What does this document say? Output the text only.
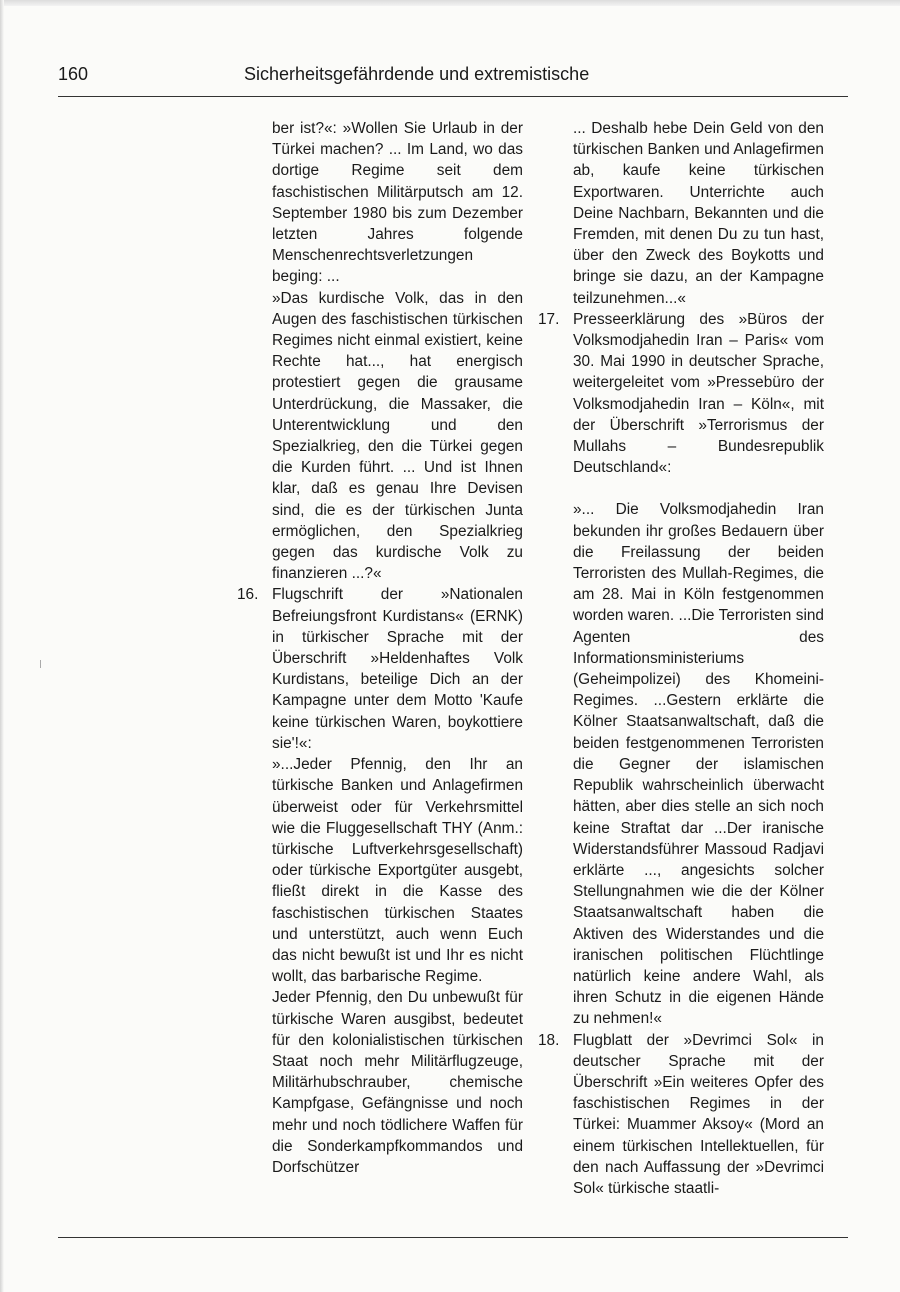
160	Sicherheitsgefährdende und extremistische

ber ist?«: »Wollen Sie Urlaub in der Türkei machen? ... Im Land, wo das dortige Regime seit dem faschistischen Militärputsch am 12. September 1980 bis zum Dezember letzten Jahres folgende Menschenrechtsverletzungen beging: ...

»Das kurdische Volk, das in den Augen des faschistischen türkischen Regimes nicht einmal existiert, keine Rechte hat..., hat energisch protestiert gegen die grausame Unterdrückung, die Massaker, die Unterentwicklung und den Spezialkrieg, den die Türkei gegen die Kurden führt. ... Und ist Ihnen klar, daß es genau Ihre Devisen sind, die es der türkischen Junta ermöglichen, den Spezialkrieg gegen das kurdische Volk zu finanzieren ...?«

16. Flugschrift der »Nationalen Befreiungsfront Kurdistans« (ERNK) in türkischer Sprache mit der Überschrift »Heldenhaftes Volk Kurdistans, beteilige Dich an der Kampagne unter dem Motto 'Kaufe keine türkischen Waren, boykottiere sie'!«:

»...Jeder Pfennig, den Ihr an türkische Banken und Anlagefirmen überweist oder für Verkehrsmittel wie die Fluggesellschaft THY (Anm.: türkische Luftverkehrsgesellschaft) oder türkische Exportgüter ausgebt, fließt direkt in die Kasse des faschistischen türkischen Staates und unterstützt, auch wenn Euch das nicht bewußt ist und Ihr es nicht wollt, das barbarische Regime.

Jeder Pfennig, den Du unbewußt für türkische Waren ausgibst, bedeutet für den kolonialistischen türkischen Staat noch mehr Militärflugzeuge, Militärhubschrauber, chemische Kampfgase, Gefängnisse und noch mehr und noch tödlichere Waffen für die Sonderkampfkommandos und Dorfschützer

... Deshalb hebe Dein Geld von den türkischen Banken und Anlagefirmen ab, kaufe keine türkischen Exportwaren. Unterrichte auch Deine Nachbarn, Bekannten und die Fremden, mit denen Du zu tun hast, über den Zweck des Boykotts und bringe sie dazu, an der Kampagne teilzunehmen...«

17. Presseerklärung des »Büros der Volksmodjahedin Iran – Paris« vom 30. Mai 1990 in deutscher Sprache, weitergeleitet vom »Pressebüro der Volksmodjahedin Iran – Köln«, mit der Überschrift »Terrorismus der Mullahs – Bundesrepublik Deutschland«:

»... Die Volksmodjahedin Iran bekunden ihr großes Bedauern über die Freilassung der beiden Terroristen des Mullah-Regimes, die am 28. Mai in Köln festgenommen worden waren. ...Die Terroristen sind Agenten des Informationsministeriums (Geheimpolizei) des Khomeini-Regimes. ...Gestern erklärte die Kölner Staatsanwaltschaft, daß die beiden festgenommenen Terroristen die Gegner der islamischen Republik wahrscheinlich überwacht hätten, aber dies stelle an sich noch keine Straftat dar ...Der iranische Widerstandsführer Massoud Radjavi erklärte ..., angesichts solcher Stellungnahmen wie die der Kölner Staatsanwaltschaft haben die Aktiven des Widerstandes und die iranischen politischen Flüchtlinge natürlich keine andere Wahl, als ihren Schutz in die eigenen Hände zu nehmen!«

18. Flugblatt der »Devrimci Sol« in deutscher Sprache mit der Überschrift »Ein weiteres Opfer des faschistischen Regimes in der Türkei: Muammer Aksoy« (Mord an einem türkischen Intellektuellen, für den nach Auffassung der »Devrimci Sol« türkische staatli-
